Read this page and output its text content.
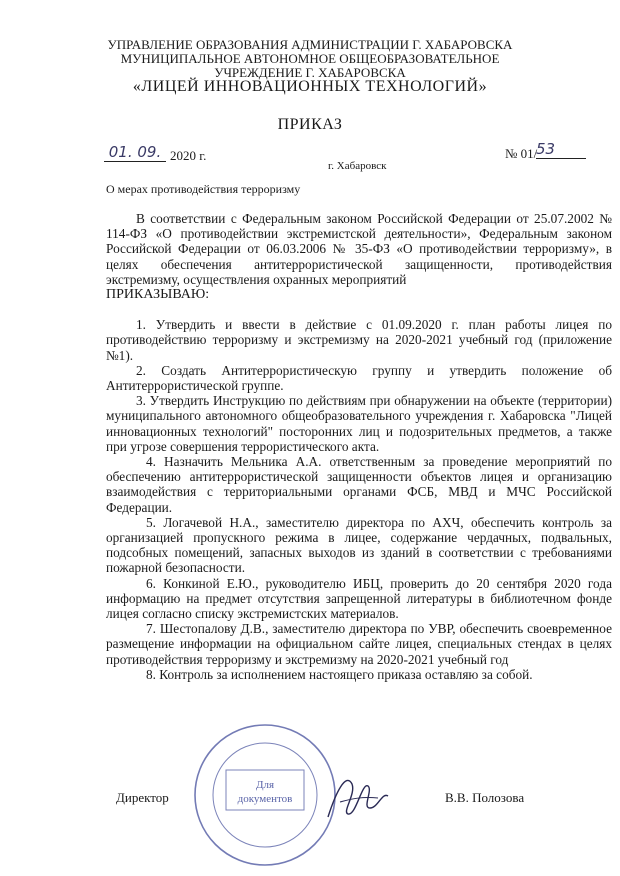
УПРАВЛЕНИЕ ОБРАЗОВАНИЯ АДМИНИСТРАЦИИ Г. ХАБАРОВСКА
МУНИЦИПАЛЬНОЕ АВТОНОМНОЕ ОБЩЕОБРАЗОВАТЕЛЬНОЕ
УЧРЕЖДЕНИЕ Г. ХАБАРОВСКА
«ЛИЦЕЙ ИННОВАЦИОННЫХ ТЕХНОЛОГИЙ»
ПРИКАЗ
01. 09. 2020 г.	№ 01/
53
г. Хабаровск
О мерах противодействия терроризму

В соответствии с Федеральным законом Российской Федерации от 25.07.2002 № 114-ФЗ «О противодействии экстремистской деятельности», Федеральным законом Российской Федерации от 06.03.2006 № 35-ФЗ «О противодействии терроризму», в целях обеспечения антитеррористической защищенности, противодействия экстремизму, осуществления охранных мероприятий

ПРИКАЗЫВАЮ:

1. Утвердить и ввести в действие с 01.09.2020 г. план работы лицея по противодействию терроризму и экстремизму на 2020-2021 учебный год (приложение №1).

2. Создать Антитеррористическую группу и утвердить положение об Антитеррористической группе.

3. Утвердить Инструкцию по действиям при обнаружении на объекте (территории) муниципального автономного общеобразовательного учреждения г. Хабаровска "Лицей инновационных технологий" посторонних лиц и подозрительных предметов, а также при угрозе совершения террористического акта.

4. Назначить Мельника А.А. ответственным за проведение мероприятий по обеспечению антитеррористической защищенности объектов лицея и организацию взаимодействия с территориальными органами ФСБ, МВД и МЧС Российской Федерации.

5. Логачевой Н.А., заместителю директора по АХЧ, обеспечить контроль за организацией пропускного режима в лицее, содержание чердачных, подвальных, подсобных помещений, запасных выходов из зданий в соответствии с требованиями пожарной безопасности.

6. Конкиной Е.Ю., руководителю ИБЦ, проверить до 20 сентября 2020 года информацию на предмет отсутствия запрещенной литературы в библиотечном фонде лицея согласно списку экстремистских материалов.

7. Шестопалову Д.В., заместителю директора по УВР, обеспечить своевременное размещение информации на официальном сайте лицея, специальных стендах в целях противодействия терроризму и экстремизму на 2020-2021 учебный год

8. Контроль за исполнением настоящего приказа оставляю за собой.

Для
документов
Директор	В.В. Полозова
